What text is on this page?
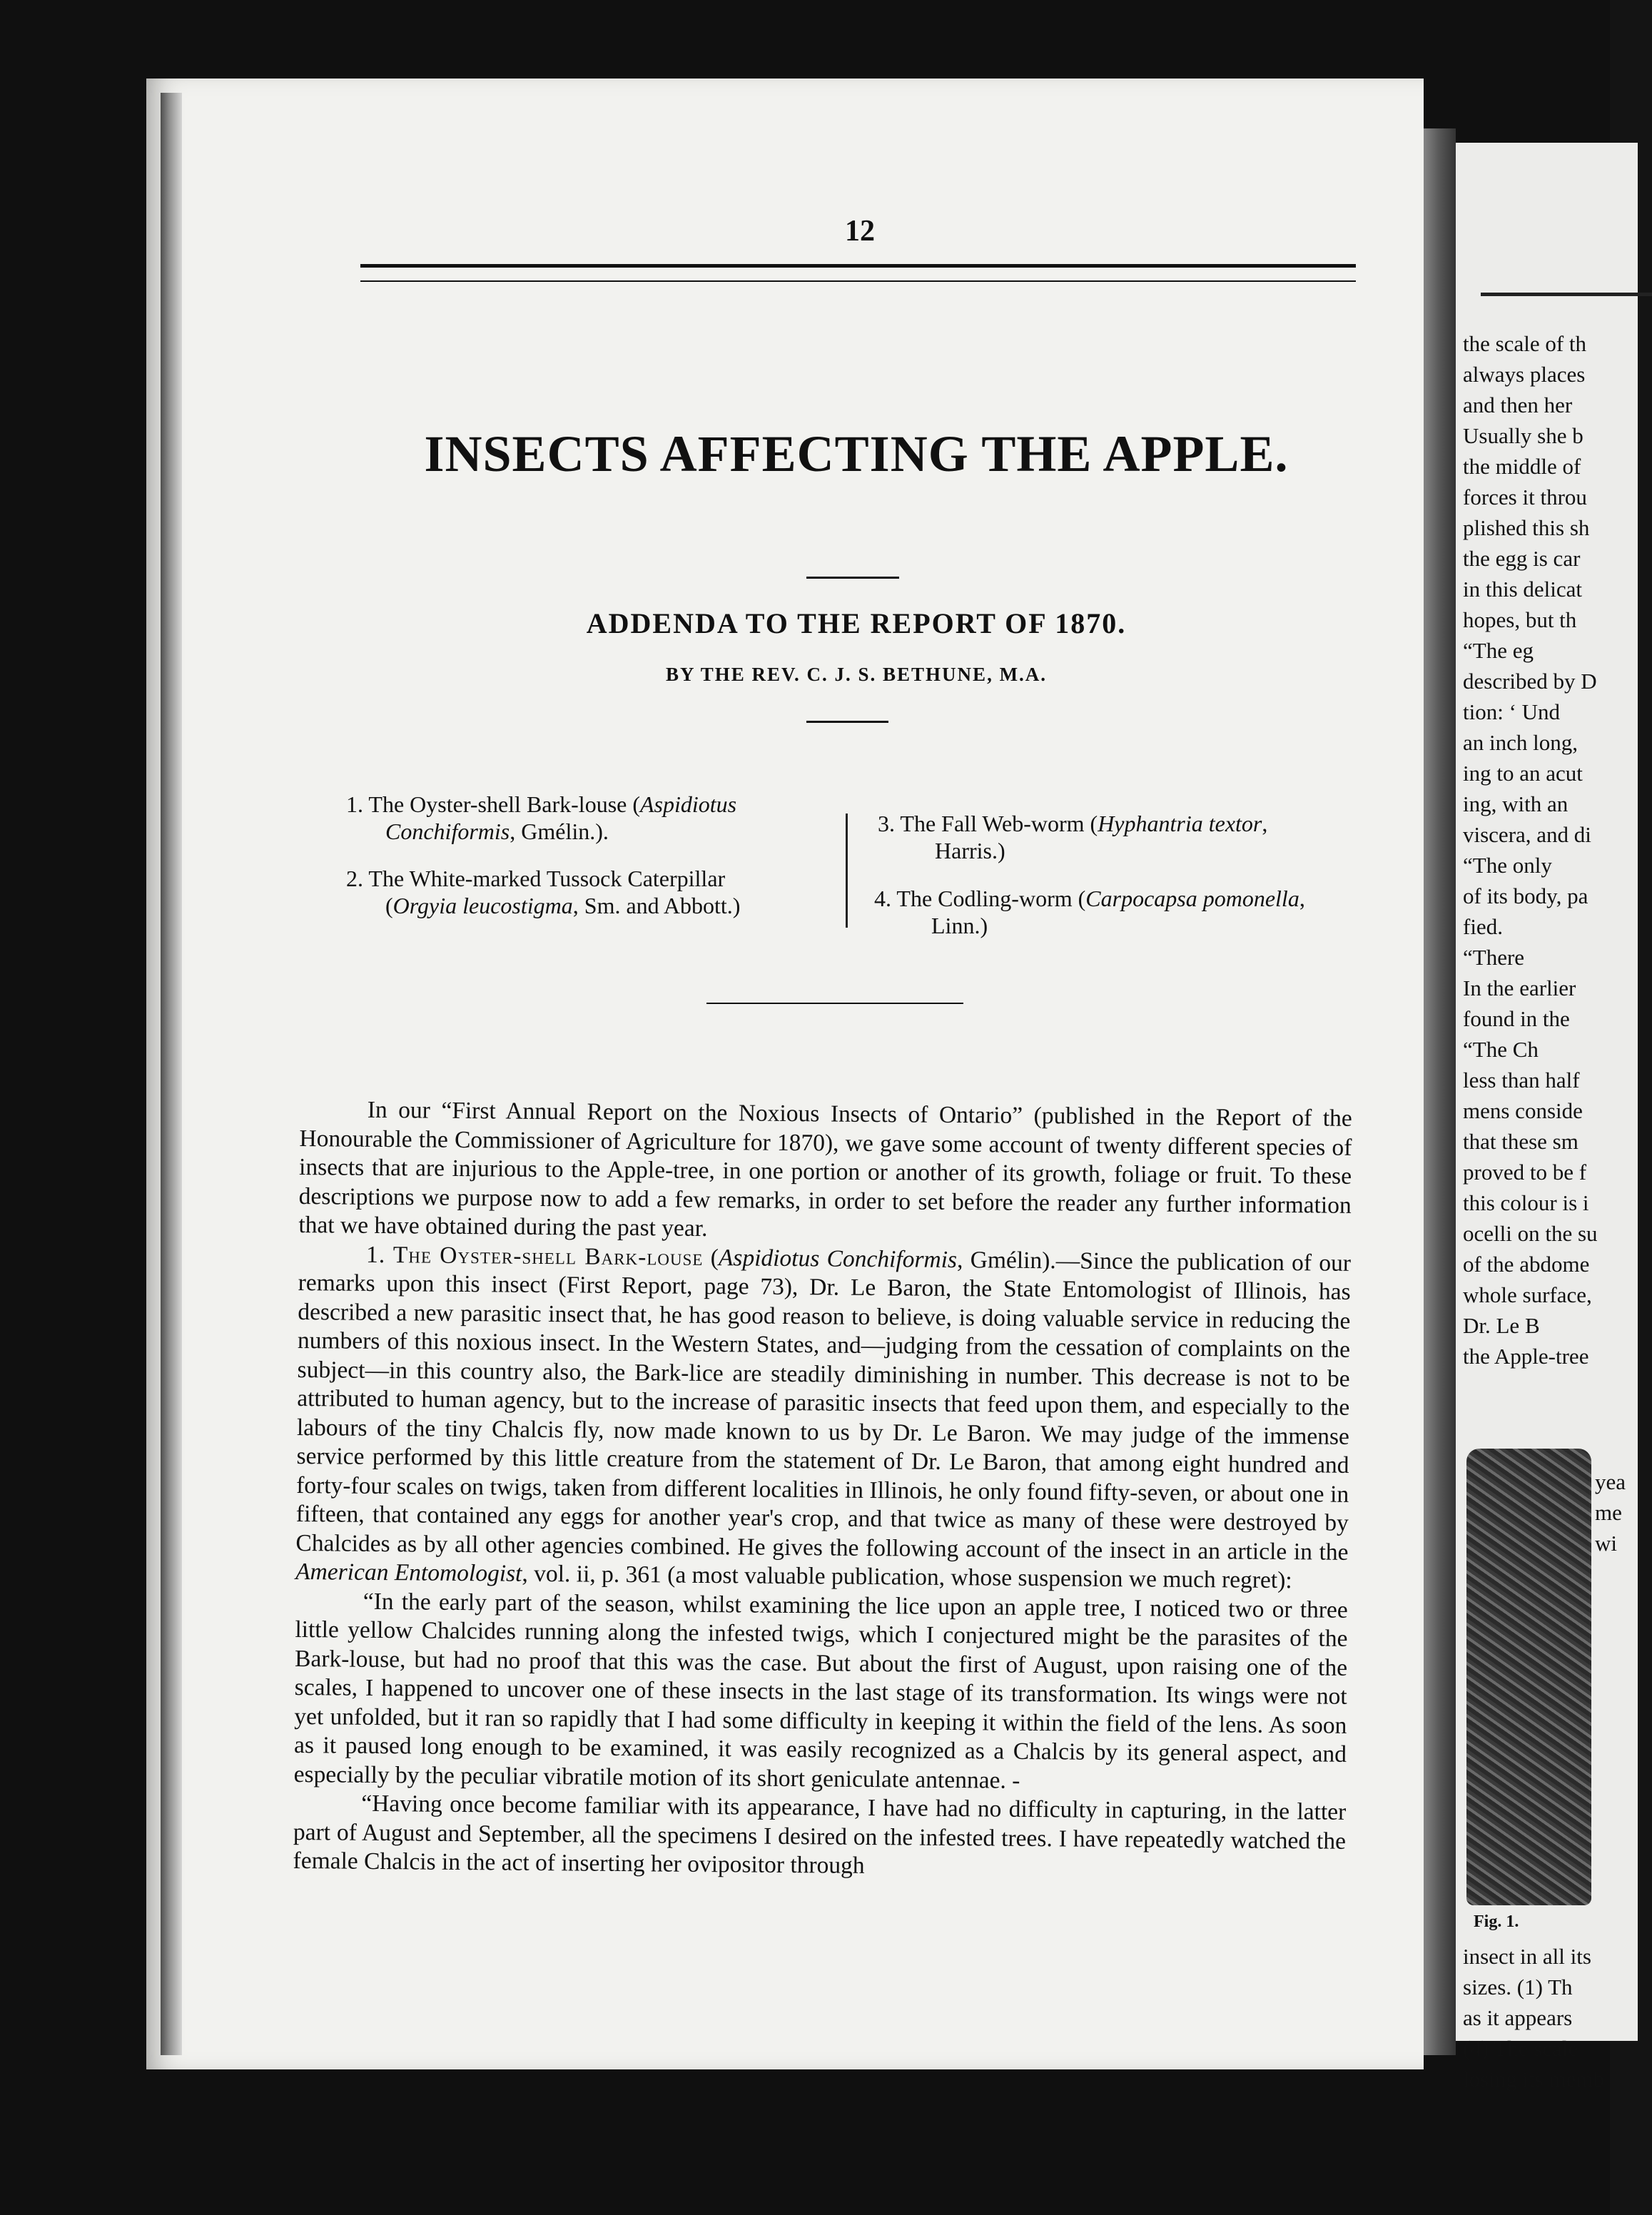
the scale of th
always places
and then her
Usually she b
the middle of
forces it throu
plished this sh
the egg is car
in this delicat
hopes, but th
“The eg
described by D
tion: ‘ Und
an inch long,
ing to an acut
ing, with an
viscera, and di
“The only
of its body, pa
fied.
“There
In the earlier
found in the
“The Ch
less than half
mens conside
that these sm
proved to be f
this colour is i
ocelli on the su
of the abdome
whole surface,
Dr. Le B
the Apple-tree
yea
me
wi
Fig. 1.
insect in all its
sizes. (1) Th
as it appears
(4) The scale
losing its memb
12
INSECTS AFFECTING THE APPLE.
ADDENDA TO THE REPORT OF 1870.
BY THE REV. C. J. S. BETHUNE, M.A.
1. The Oyster-shell Bark-louse (Aspidiotus
Conchiformis, Gmélin.).
2. The White-marked Tussock Caterpillar
(Orgyia leucostigma, Sm. and Abbott.)
3. The Fall Web-worm (Hyphantria textor,
Harris.)
4. The Codling-worm (Carpocapsa pomonella,
Linn.)

In our “First Annual Report on the Noxious Insects of Ontario” (published in the Report of the Honourable the Commissioner of Agriculture for 1870), we gave some account of twenty different species of insects that are injurious to the Apple-tree, in one portion or another of its growth, foliage or fruit. To these descriptions we purpose now to add a few remarks, in order to set before the reader any further information that we have obtained during the past year.

1. The Oyster-shell Bark-louse (Aspidiotus Conchiformis, Gmélin).—Since the publication of our remarks upon this insect (First Report, page 73), Dr. Le Baron, the State Entomologist of Illinois, has described a new parasitic insect that, he has good reason to believe, is doing valuable service in reducing the numbers of this noxious insect. In the Western States, and—judging from the cessation of complaints on the subject—in this country also, the Bark-lice are steadily diminishing in number. This decrease is not to be attributed to human agency, but to the increase of parasitic insects that feed upon them, and especially to the labours of the tiny Chalcis fly, now made known to us by Dr. Le Baron. We may judge of the immense service performed by this little creature from the statement of Dr. Le Baron, that among eight hundred and forty-four scales on twigs, taken from different localities in Illinois, he only found fifty-seven, or about one in fifteen, that contained any eggs for another year's crop, and that twice as many of these were destroyed by Chalcides as by all other agencies combined. He gives the following account of the insect in an article in the American Entomologist, vol. ii, p. 361 (a most valuable publication, whose suspension we much regret):

“In the early part of the season, whilst examining the lice upon an apple tree, I noticed two or three little yellow Chalcides running along the infested twigs, which I conjectured might be the parasites of the Bark-louse, but had no proof that this was the case. But about the first of August, upon raising one of the scales, I happened to uncover one of these insects in the last stage of its transformation. Its wings were not yet unfolded, but it ran so rapidly that I had some difficulty in keeping it within the field of the lens. As soon as it paused long enough to be examined, it was easily recognized as a Chalcis by its general aspect, and especially by the peculiar vibratile motion of its short geniculate antennae. -

“Having once become familiar with its appearance, I have had no difficulty in capturing, in the latter part of August and September, all the specimens I desired on the infested trees. I have repeatedly watched the female Chalcis in the act of inserting her ovipositor through
